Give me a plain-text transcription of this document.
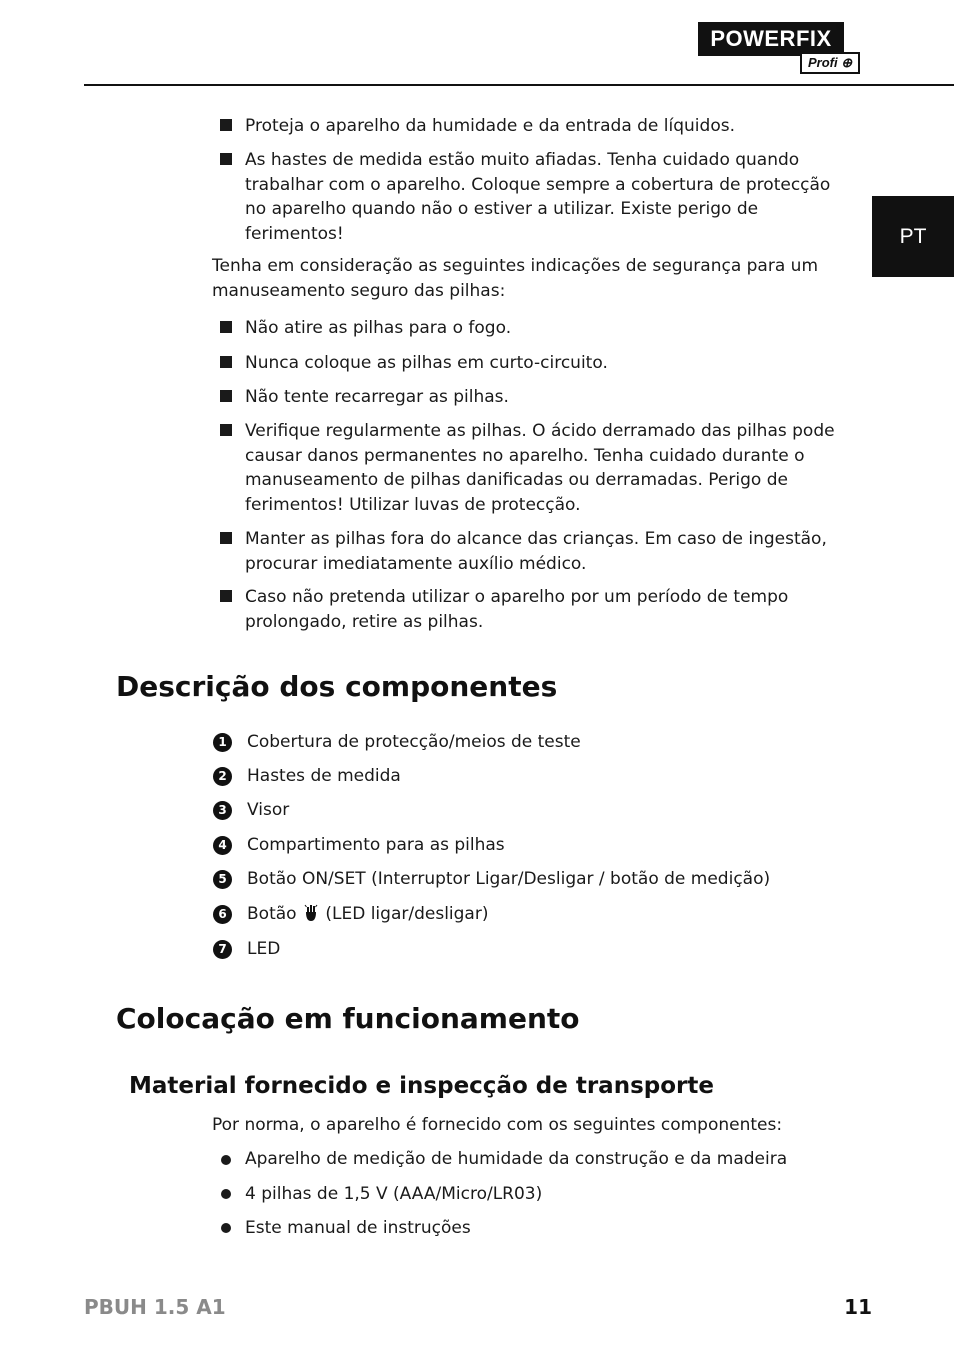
POWERFIX ®
Profi ⊕
PT
Proteja o aparelho da humidade e da entrada de líquidos.
As hastes de medida estão muito afiadas. Tenha cuidado quando trabalhar com o aparelho. Coloque sempre a cobertura de protecção no aparelho quando não o estiver a utilizar. Existe perigo de ferimentos!
Tenha em consideração as seguintes indicações de segurança para um manuseamento seguro das pilhas:
Não atire as pilhas para o fogo.
Nunca coloque as pilhas em curto-circuito.
Não tente recarregar as pilhas.
Verifique regularmente as pilhas. O ácido derramado das pilhas pode causar danos permanentes no aparelho. Tenha cuidado durante o manuseamento de pilhas danificadas ou derramadas. Perigo de ferimentos! Utilizar luvas de protecção.
Manter as pilhas fora do alcance das crianças. Em caso de ingestão, procurar imediatamente auxílio médico.
Caso não pretenda utilizar o aparelho por um período de tempo prolongado, retire as pilhas.
Descrição dos componentes
1	Cobertura de protecção/meios de teste
2	Hastes de medida
3	Visor
4	Compartimento para as pilhas
5	Botão ON/SET (Interruptor Ligar/Desligar / botão de medição)
6	Botão (LED ligar/desligar)
7	LED
Colocação em funcionamento
Material fornecido e inspecção de transporte
Por norma, o aparelho é fornecido com os seguintes componentes:
Aparelho de medição de humidade da construção e da madeira
4 pilhas de 1,5 V (AAA/Micro/LR03)
Este manual de instruções
PBUH 1.5 A1	11
